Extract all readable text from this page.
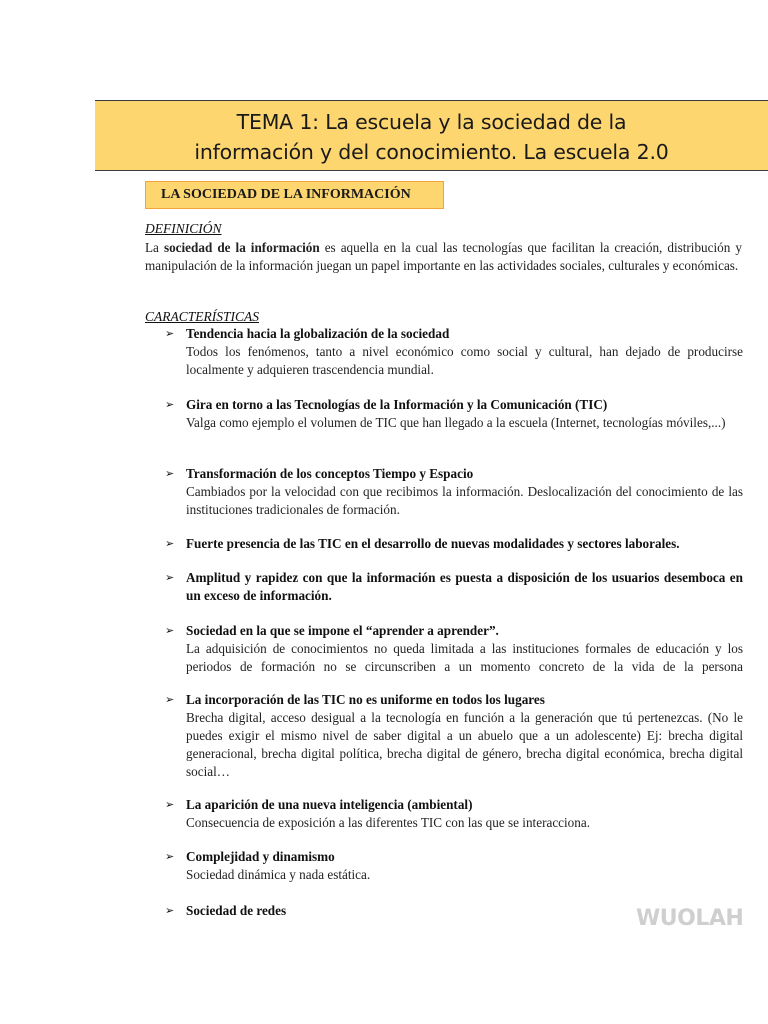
TEMA 1: La escuela y la sociedad de la
información y del conocimiento. La escuela 2.0
LA SOCIEDAD DE LA INFORMACIÓN
DEFINICIÓN
La sociedad de la información es aquella en la cual las tecnologías que facilitan la creación, distribución y manipulación de la información juegan un papel importante en las actividades sociales, culturales y económicas.
CARACTERÍSTICAS
➢ Tendencia hacia la globalización de la sociedad
Todos los fenómenos, tanto a nivel económico como social y cultural, han dejado de producirse localmente y adquieren trascendencia mundial.
➢ Gira en torno a las Tecnologías de la Información y la Comunicación (TIC)
Valga como ejemplo el volumen de TIC que han llegado a la escuela (Internet, tecnologías móviles,...)
➢ Transformación de los conceptos Tiempo y Espacio
Cambiados por la velocidad con que recibimos la información. Deslocalización del conocimiento de las instituciones tradicionales de formación.
➢ Fuerte presencia de las TIC en el desarrollo de nuevas modalidades y sectores laborales.
➢ Amplitud y rapidez con que la información es puesta a disposición de los usuarios desemboca en un exceso de información.
➢ Sociedad en la que se impone el “aprender a aprender”.
La adquisición de conocimientos no queda limitada a las instituciones formales de educación y los periodos de formación no se circunscriben a un momento concreto de la vida de la persona
➢ La incorporación de las TIC no es uniforme en todos los lugares
Brecha digital, acceso desigual a la tecnología en función a la generación que tú pertenezcas. (No le puedes exigir el mismo nivel de saber digital a un abuelo que a un adolescente) Ej: brecha digital generacional, brecha digital política, brecha digital de género, brecha digital económica, brecha digital social…
➢ La aparición de una nueva inteligencia (ambiental)
Consecuencia de exposición a las diferentes TIC con las que se interacciona.
➢ Complejidad y dinamismo
Sociedad dinámica y nada estática.
➢ Sociedad de redes	WUOLAH
